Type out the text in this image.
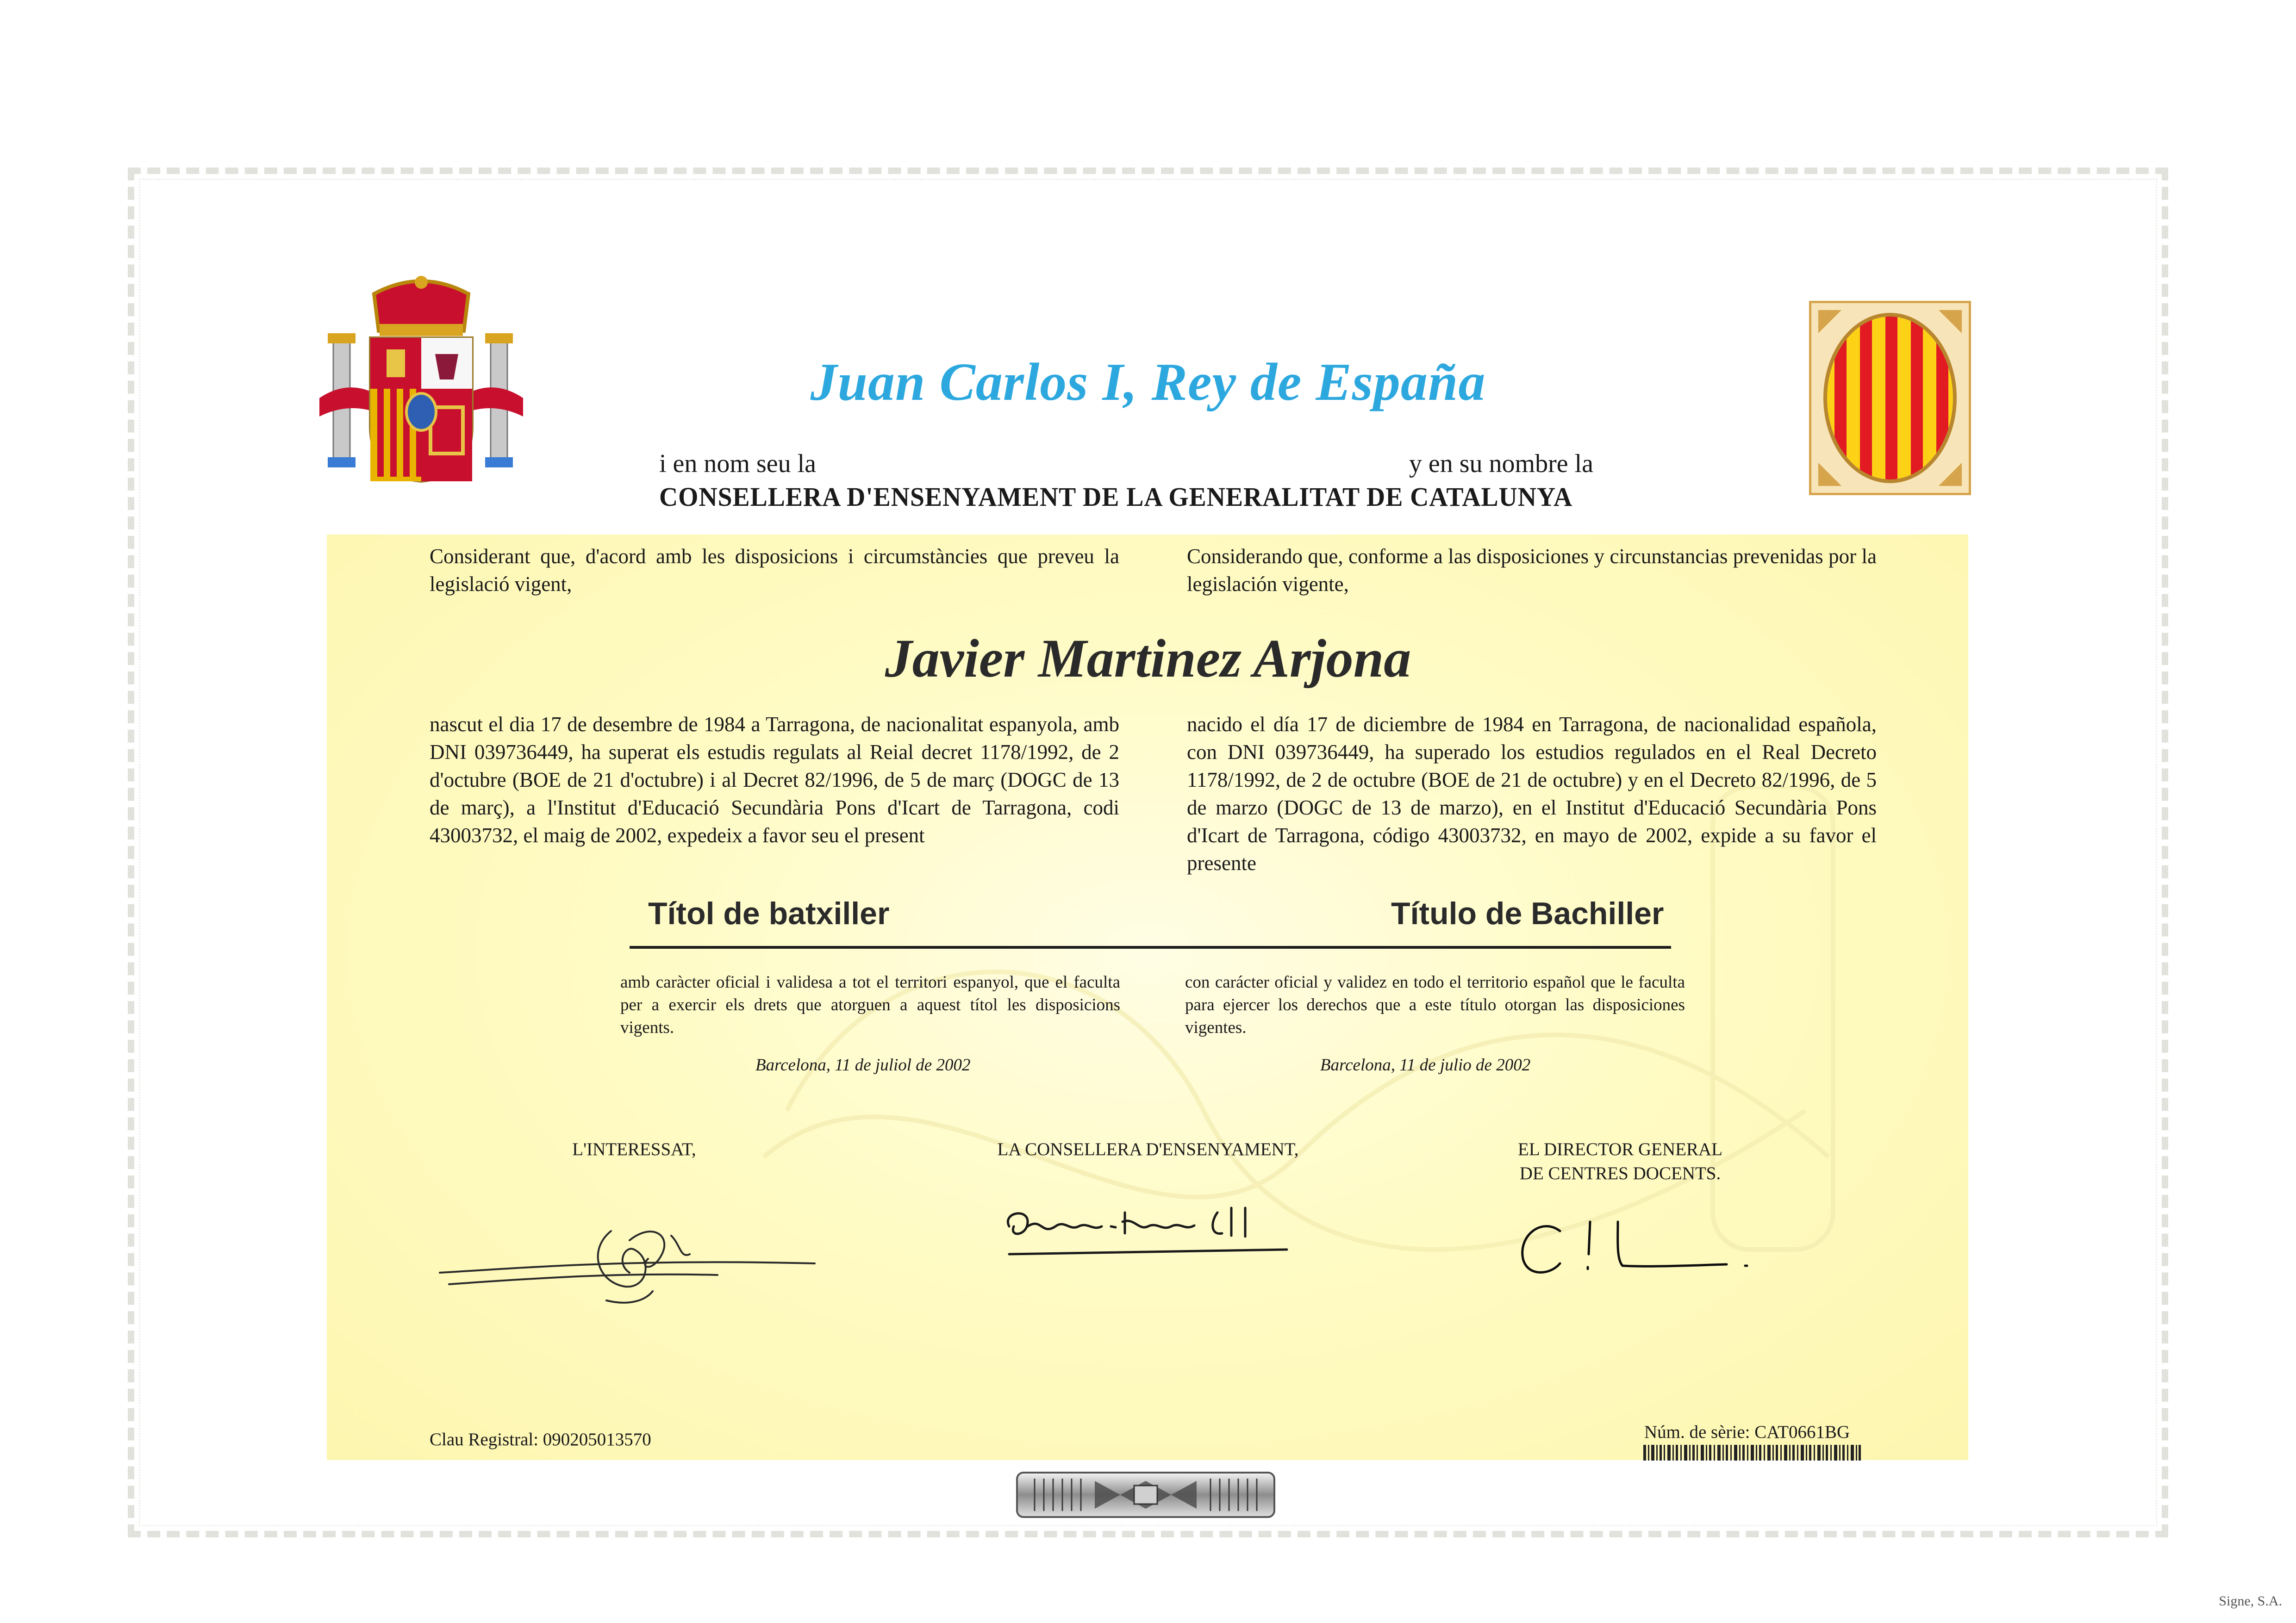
Juan Carlos I, Rey de España
i en nom seu la	y en su nombre la
CONSELLERA D'ENSENYAMENT DE LA GENERALITAT DE CATALUNYA
Considerant que, d'acord amb les disposicions i circumstàncies que preveu la legislació vigent,
Considerando que, conforme a las disposiciones y circunstancias prevenidas por la legislación vigente,
Javier Martinez Arjona
nascut el dia 17 de desembre de 1984 a Tarragona, de nacionalitat espanyola, amb DNI 039736449, ha superat els estudis regulats al Reial decret 1178/1992, de 2 d'octubre (BOE de 21 d'octubre) i al Decret 82/1996, de 5 de març (DOGC de 13 de març), a l'Institut d'Educació Secundària Pons d'Icart de Tarragona, codi 43003732, el maig de 2002, expedeix a favor seu el present
nacido el día 17 de diciembre de 1984 en Tarragona, de nacionalidad española, con DNI 039736449, ha superado los estudios regulados en el Real Decreto 1178/1992, de 2 de octubre (BOE de 21 de octubre) y en el Decreto 82/1996, de 5 de marzo (DOGC de 13 de marzo), en el Institut d'Educació Secundària Pons d'Icart de Tarragona, código 43003732, en mayo de 2002, expide a su favor el presente
Títol de batxiller	Título de Bachiller
amb caràcter oficial i validesa a tot el territori espanyol, que el faculta per a exercir els drets que atorguen a aquest títol les disposicions vigents.
con carácter oficial y validez en todo el territorio español que le faculta para ejercer los derechos que a este título otorgan las disposiciones vigentes.
Barcelona, 11 de juliol de 2002	Barcelona, 11 de julio de 2002
L'INTERESSAT,	LA CONSELLERA D'ENSENYAMENT,	EL DIRECTOR GENERAL
DE CENTRES DOCENTS.
Clau Registral: 090205013570	Núm. de sèrie: CAT0661BG
Signe, S.A.
